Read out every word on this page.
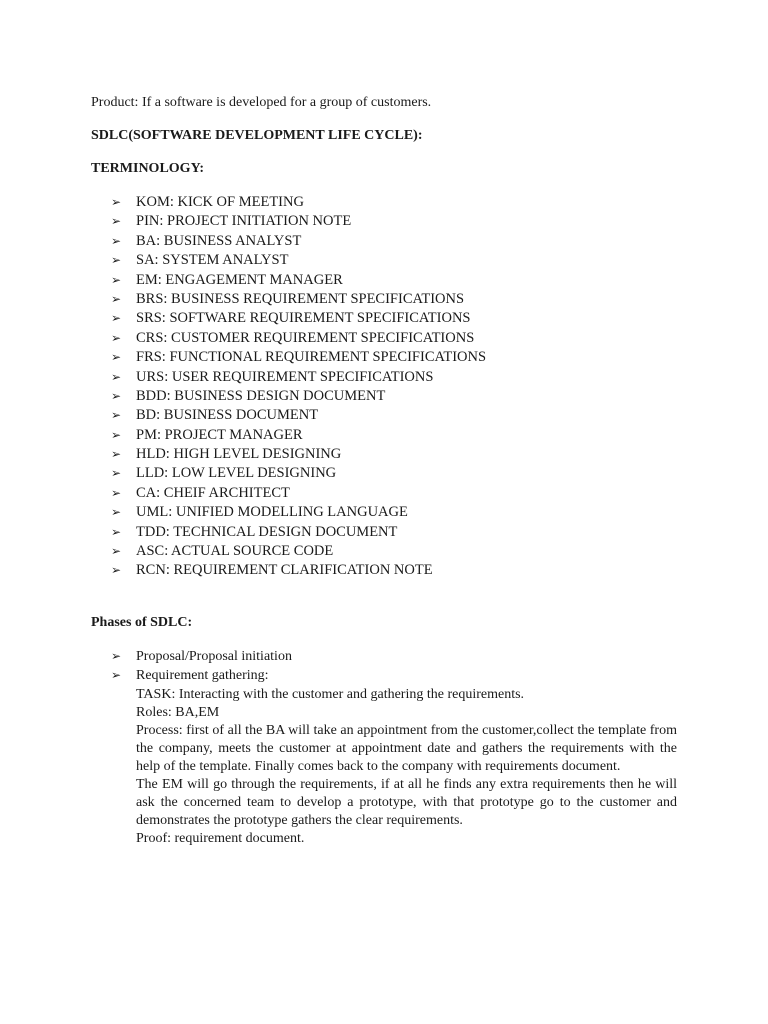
Product: If a software is developed for a group of customers.
SDLC(SOFTWARE DEVELOPMENT LIFE CYCLE):
TERMINOLOGY:
➢ KOM: KICK OF MEETING
➢ PIN: PROJECT INITIATION NOTE
➢ BA: BUSINESS ANALYST
➢ SA: SYSTEM ANALYST
➢ EM: ENGAGEMENT MANAGER
➢ BRS: BUSINESS REQUIREMENT SPECIFICATIONS
➢ SRS: SOFTWARE REQUIREMENT SPECIFICATIONS
➢ CRS: CUSTOMER REQUIREMENT SPECIFICATIONS
➢ FRS: FUNCTIONAL REQUIREMENT SPECIFICATIONS
➢ URS: USER REQUIREMENT SPECIFICATIONS
➢ BDD: BUSINESS DESIGN DOCUMENT
➢ BD: BUSINESS DOCUMENT
➢ PM: PROJECT MANAGER
➢ HLD: HIGH LEVEL DESIGNING
➢ LLD: LOW LEVEL DESIGNING
➢ CA: CHEIF ARCHITECT
➢ UML: UNIFIED MODELLING LANGUAGE
➢ TDD: TECHNICAL DESIGN DOCUMENT
➢ ASC: ACTUAL SOURCE CODE
➢ RCN: REQUIREMENT CLARIFICATION NOTE
Phases of SDLC:
➢ Proposal/Proposal initiation
➢ Requirement gathering:
TASK: Interacting with the customer and gathering the requirements.
Roles: BA,EM

Process: first of all the BA will take an appointment from the customer,collect the template from the company, meets the customer at appointment date and gathers the requirements with the help of the template. Finally comes back to the company with requirements document.

The EM will go through the requirements, if at all he finds any extra requirements then he will ask the concerned team to develop a prototype, with that prototype go to the customer and demonstrates the prototype gathers the clear requirements.

Proof: requirement document.
